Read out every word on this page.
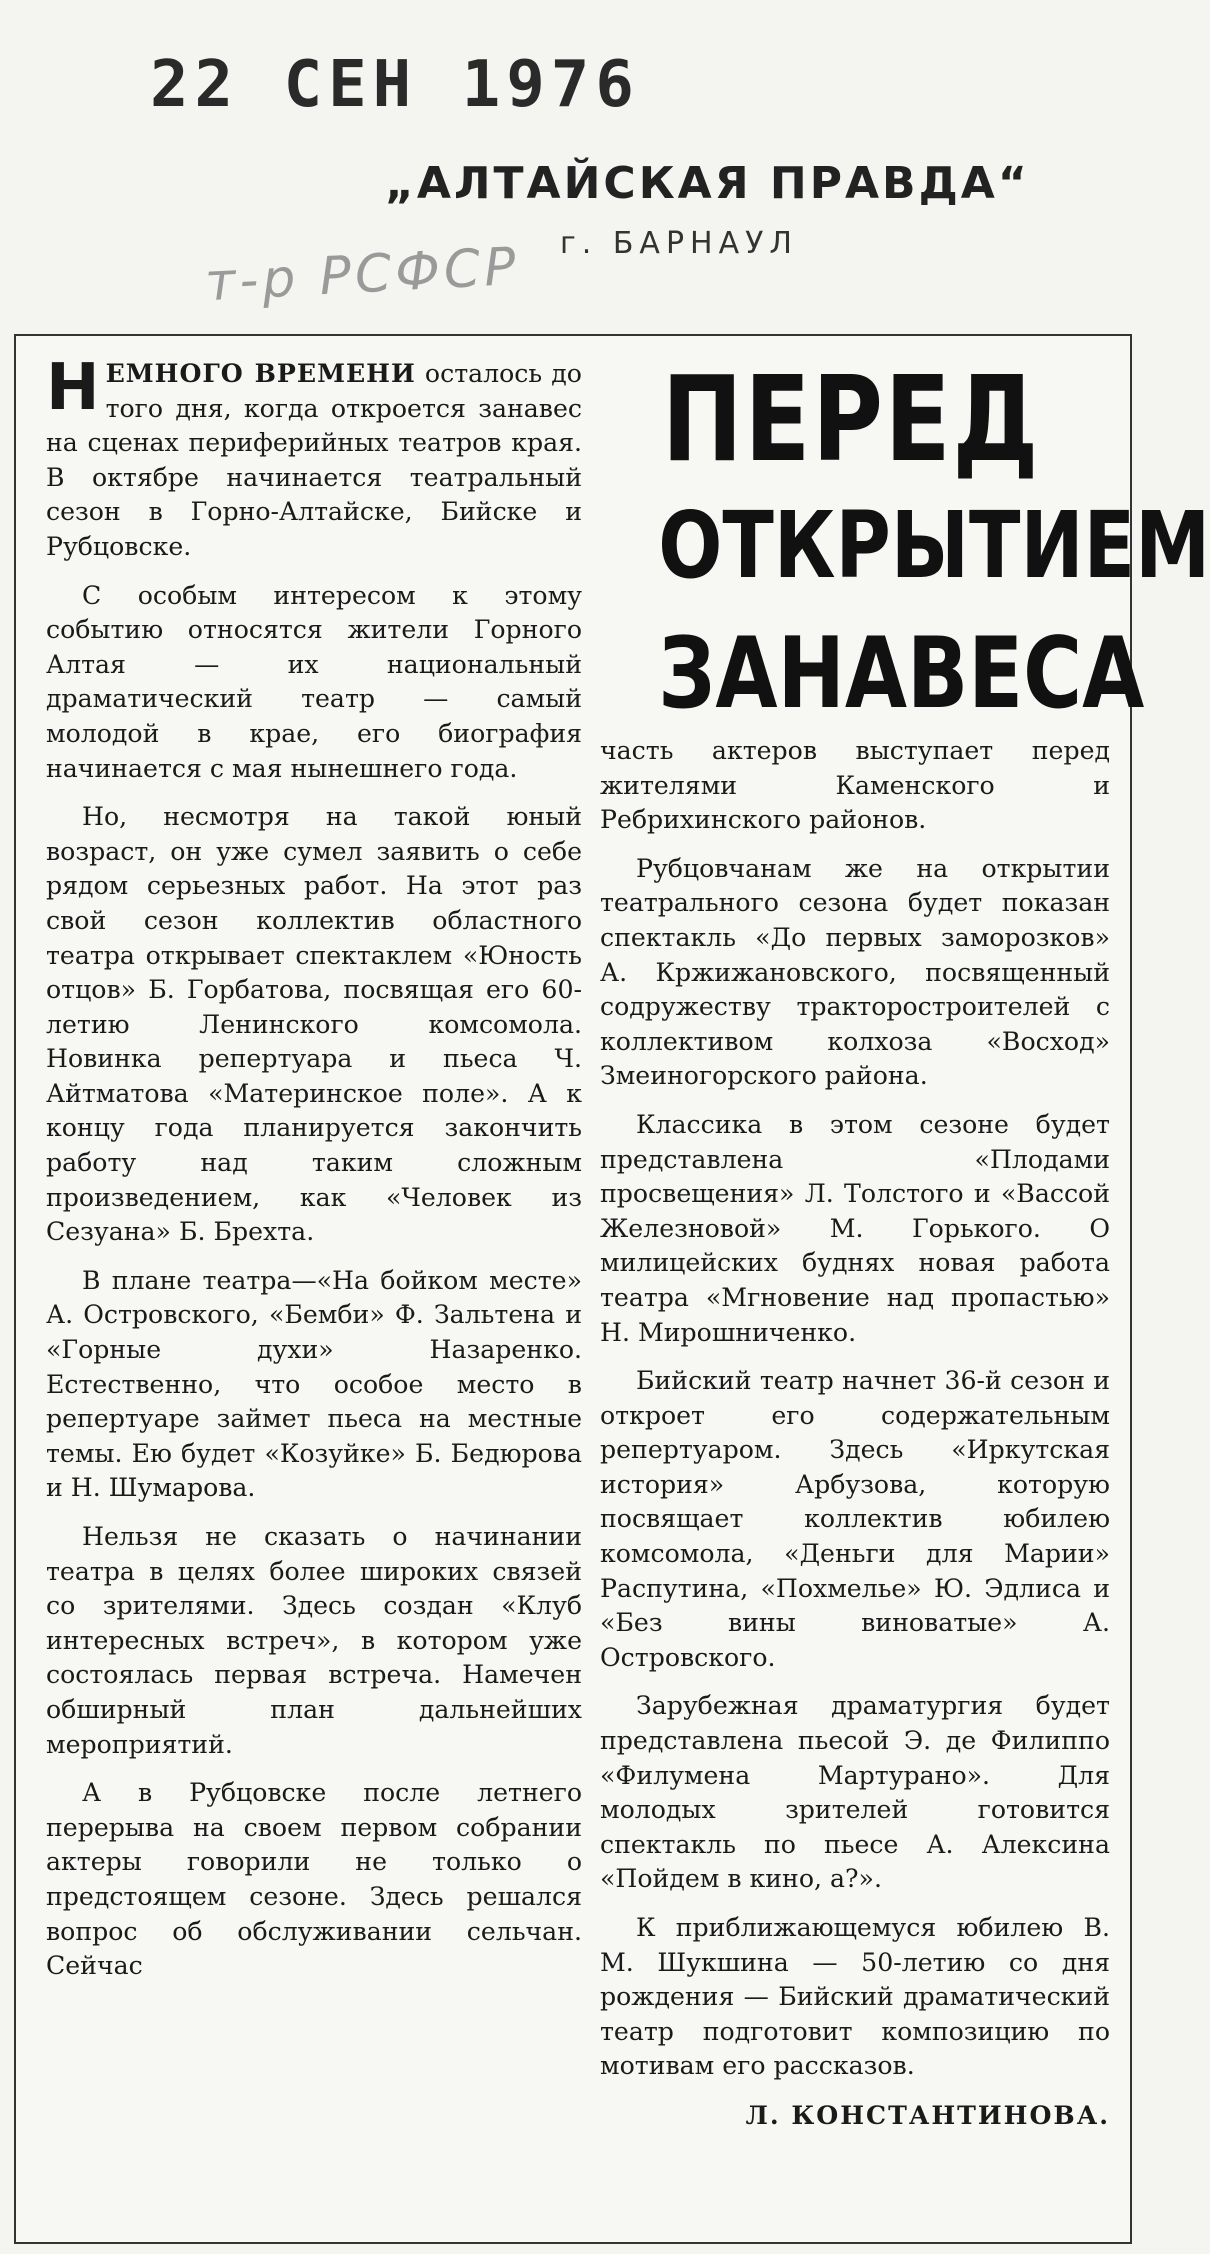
22 СЕН 1976
„АЛТАЙСКАЯ ПРАВДА“
г. БАРНАУЛ
т-р РСФСР
ПЕРЕД
ОТКРЫТИЕМ
ЗАНАВЕСА

НЕМНОГО ВРЕМЕНИ осталось до того дня, когда откроется занавес на сценах периферийных театров края. В октябре начинается театральный сезон в Горно-Алтайске, Бийске и Рубцовске.

С особым интересом к этому событию относятся жители Горного Алтая — их национальный драматический театр — самый молодой в крае, его биография начинается с мая нынешнего года.

Но, несмотря на такой юный возраст, он уже сумел заявить о себе рядом серьезных работ. На этот раз свой сезон коллектив областного театра открывает спектаклем «Юность отцов» Б. Горбатова, посвящая его 60-летию Ленинского комсомола. Новинка репертуара и пьеса Ч. Айтматова «Материнское поле». А к концу года планируется закончить работу над таким сложным произведением, как «Человек из Сезуана» Б. Брехта.

В плане театра—«На бойком месте» А. Островского, «Бемби» Ф. Зальтена и «Горные духи» Назаренко. Естественно, что особое место в репертуаре займет пьеса на местные темы. Ею будет «Козуйке» Б. Бедюрова и Н. Шумарова.

Нельзя не сказать о начинании театра в целях более широких связей со зрителями. Здесь создан «Клуб интересных встреч», в котором уже состоялась первая встреча. Намечен обширный план дальнейших мероприятий.

А в Рубцовске после летнего перерыва на своем первом собрании актеры говорили не только о предстоящем сезоне. Здесь решался вопрос об обслуживании сельчан. Сейчас

часть актеров выступает перед жителями Каменского и Ребрихинского районов.

Рубцовчанам же на открытии театрального сезона будет показан спектакль «До первых заморозков» А. Кржижановского, посвященный содружеству тракторостроителей с коллективом колхоза «Восход» Змеиногорского района.

Классика в этом сезоне будет представлена «Плодами просвещения» Л. Толстого и «Вассой Железновой» М. Горького. О милицейских буднях новая работа театра «Мгновение над пропастью» Н. Мирошниченко.

Бийский театр начнет 36-й сезон и откроет его содержательным репертуаром. Здесь «Иркутская история» Арбузова, которую посвящает коллектив юбилею комсомола, «Деньги для Марии» Распутина, «Похмелье» Ю. Эдлиса и «Без вины виноватые» А. Островского.

Зарубежная драматургия будет представлена пьесой Э. де Филиппо «Филумена Мартурано». Для молодых зрителей готовится спектакль по пьесе А. Алексина «Пойдем в кино, а?».

К приближающемуся юбилею В. М. Шукшина — 50-летию со дня рождения — Бийский драматический театр подготовит композицию по мотивам его рассказов.

Л. КОНСТАНТИНОВА.
